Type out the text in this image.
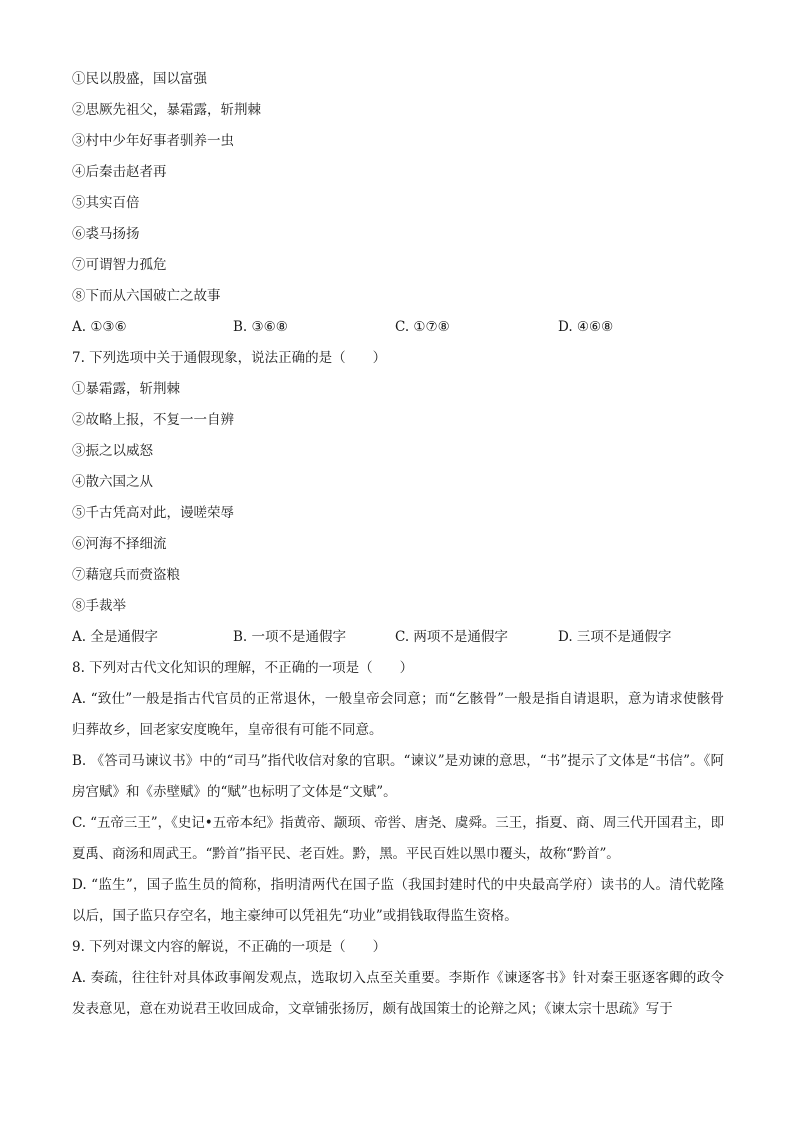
①民以殷盛，国以富强
②思厥先祖父，暴霜露，斩荆棘
③村中少年好事者驯养一虫
④后秦击赵者再
⑤其实百倍
⑥裘马扬扬
⑦可谓智力孤危
⑧下而从六国破亡之故事
A. ①③⑥	B. ③⑥⑧	C. ①⑦⑧	D. ④⑥⑧
7. 下列选项中关于通假现象，说法正确的是（　　）
①暴霜露，斩荆棘
②故略上报，不复一一自辨
③振之以威怒
④散六国之从
⑤千古凭高对此，谩嗟荣辱
⑥河海不择细流
⑦藉寇兵而赍盗粮
⑧手裁举
A. 全是通假字	B. 一项不是通假字	C. 两项不是通假字	D. 三项不是通假字
8. 下列对古代文化知识的理解，不正确的一项是（　　）

A. “致仕”一般是指古代官员的正常退休，一般皇帝会同意；而“乞骸骨”一般是指自请退职，意为请求使骸骨归葬故乡，回老家安度晚年，皇帝很有可能不同意。

B. 《答司马谏议书》中的“司马”指代收信对象的官职。“谏议”是劝谏的意思，“书”提示了文体是“书信”。《阿房宫赋》和《赤壁赋》的“赋”也标明了文体是“文赋”。

C. “五帝三王”，《史记•五帝本纪》指黄帝、颛顼、帝喾、唐尧、虞舜。三王，指夏、商、周三代开国君主，即夏禹、商汤和周武王。“黔首”指平民、老百姓。黔，黑。平民百姓以黑巾覆头，故称“黔首”。

D. “监生”，国子监生员的简称，指明清两代在国子监（我国封建时代的中央最高学府）读书的人。清代乾隆以后，国子监只存空名，地主豪绅可以凭祖先“功业”或捐钱取得监生资格。

9. 下列对课文内容的解说，不正确的一项是（　　）

A. 奏疏，往往针对具体政事阐发观点，选取切入点至关重要。李斯作《谏逐客书》针对秦王驱逐客卿的政令发表意见，意在劝说君王收回成命，文章铺张扬厉，颇有战国策士的论辩之风；《谏太宗十思疏》写于
